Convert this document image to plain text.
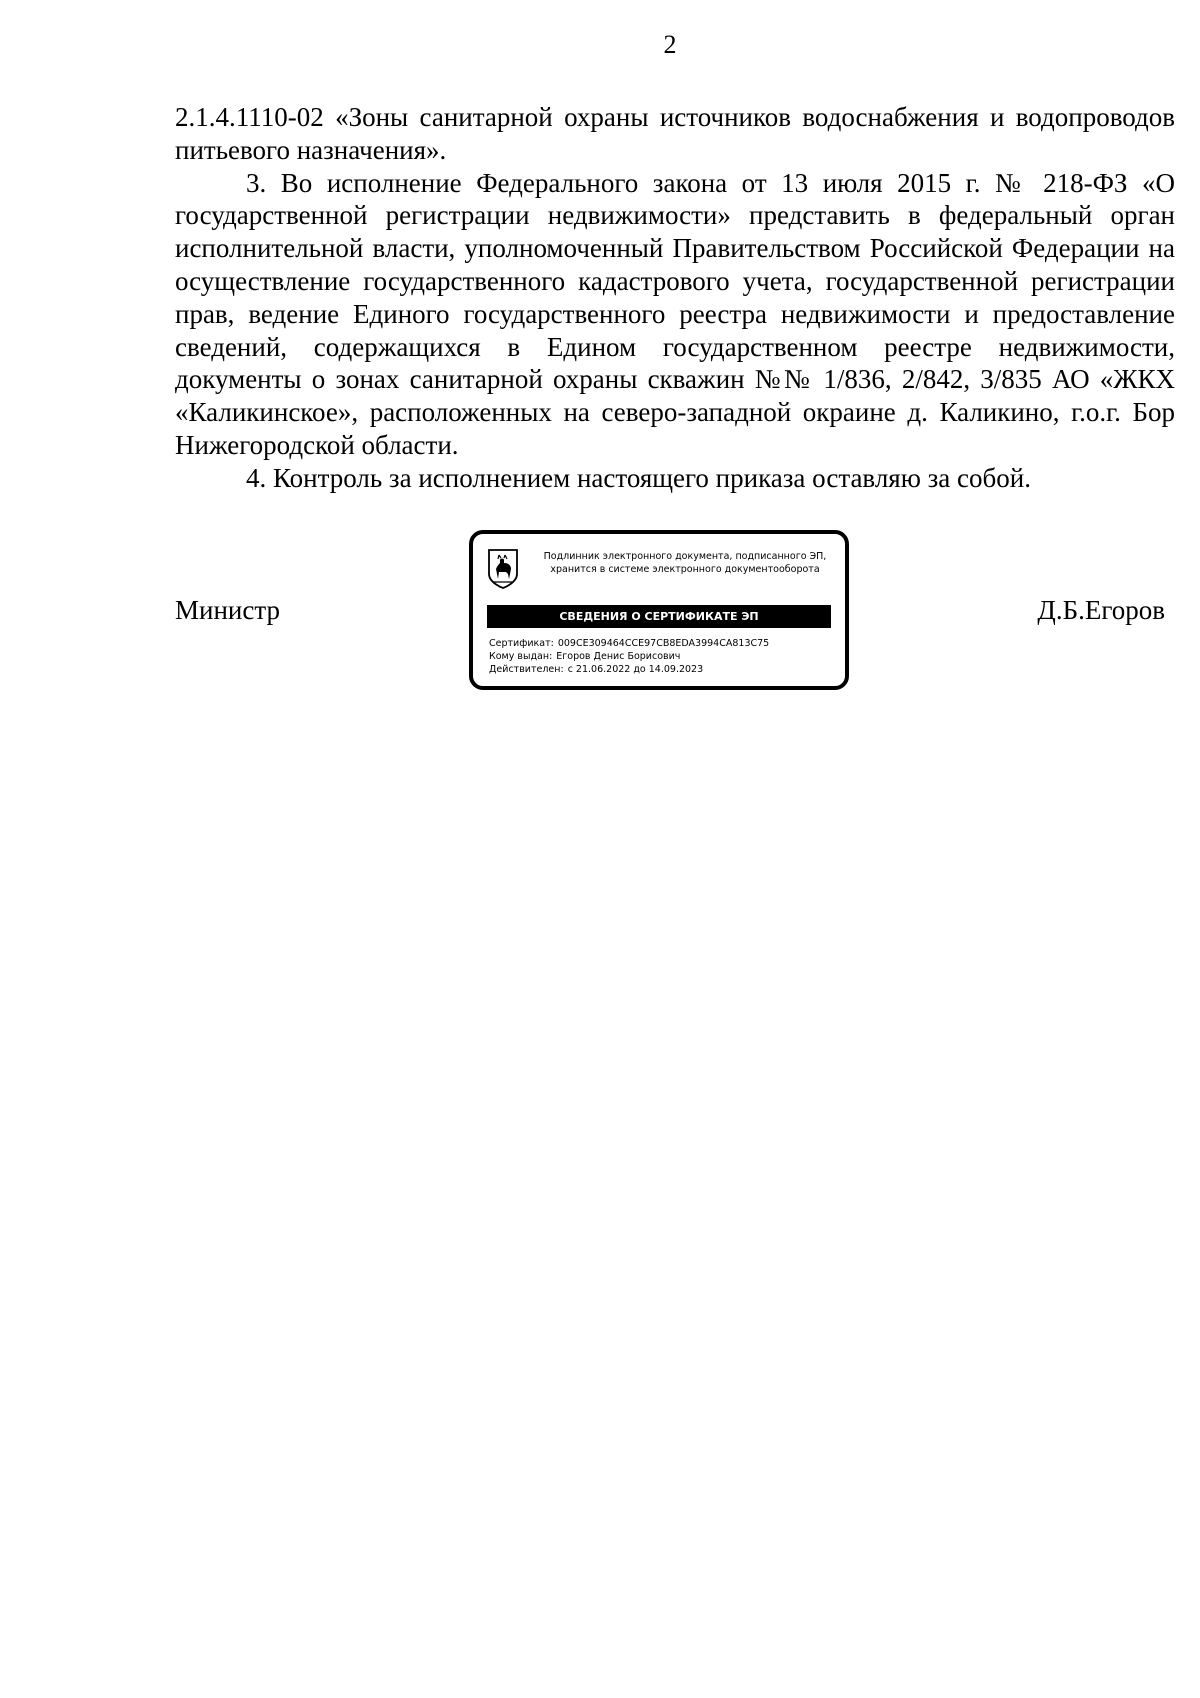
2

2.1.4.1110-02 «Зоны санитарной охраны источников водоснабжения и водопроводов питьевого назначения».

3. Во исполнение Федерального закона от 13 июля 2015 г. № 218-ФЗ «О государственной регистрации недвижимости» представить в федеральный орган исполнительной власти, уполномоченный Правительством Российской Федерации на осуществление государственного кадастрового учета, государственной регистрации прав, ведение Единого государственного реестра недвижимости и предоставление сведений, содержащихся в Едином государственном реестре недвижимости, документы о зонах санитарной охраны скважин №№ 1/836, 2/842, 3/835 АО «ЖКХ «Каликинское», расположенных на северо-западной окраине д. Каликино, г.о.г. Бор Нижегородской области.

4. Контроль за исполнением настоящего приказа оставляю за собой.

Министр
Подлинник электронного документа, подписанного ЭП,
хранится в системе электронного документооборота
СВЕДЕНИЯ О СЕРТИФИКАТЕ ЭП
Сертификат: 009CE309464CCE97CB8EDA3994CA813C75
Кому выдан: Егоров Денис Борисович
Действителен: с 21.06.2022 до 14.09.2023
Д.Б.Егоров
